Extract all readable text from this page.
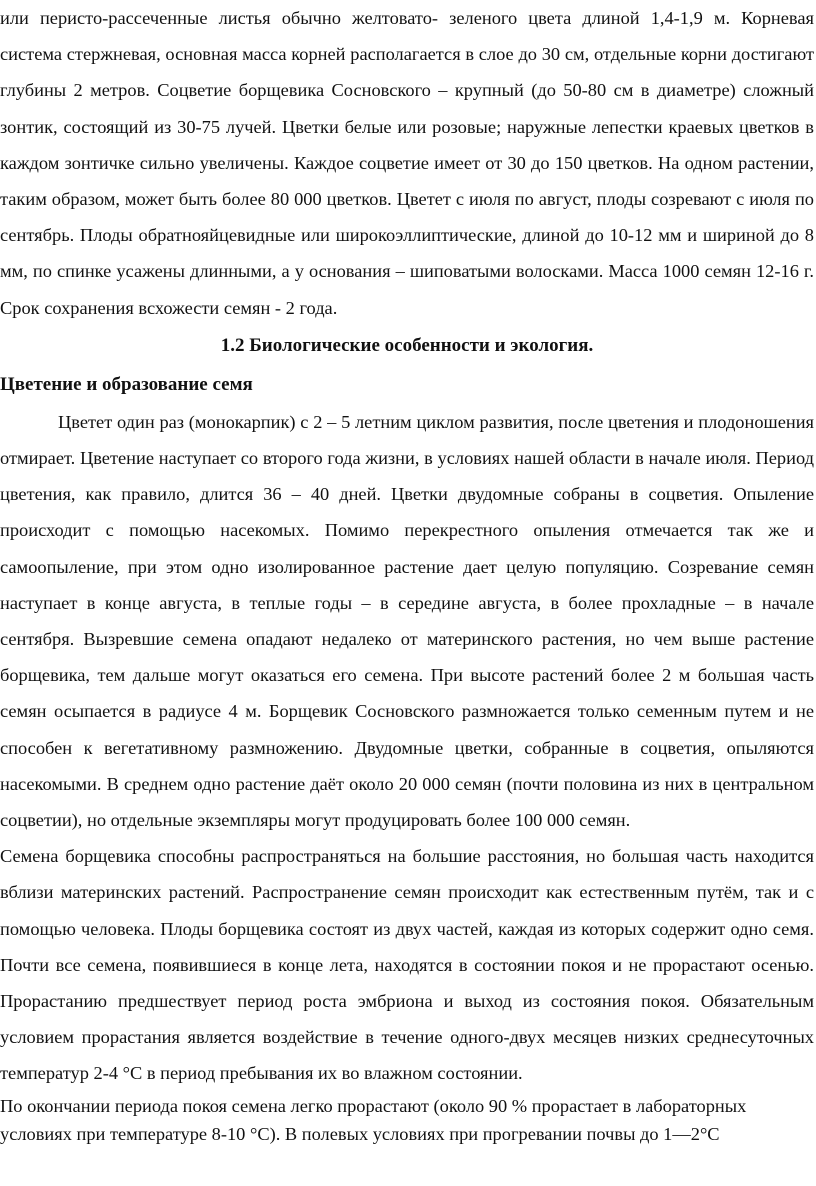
или перисто-рассечeнные листья обычно желтовато- зелeного цвета длиной 1,4-1,9 м. Корневая система стержневая, основная масса корней располагается в слое до 30 см, отдельные корни достигают глубины 2 метров. Соцветие борщевика Сосновского – крупный (до 50-80 см в диаметре) сложный зонтик, состоящий из 30-75 лучей. Цветки белые или розовые; наружные лепестки краевых цветков в каждом зонтичке сильно увеличены. Каждое соцветие имеет от 30 до 150 цветков. На одном растении, таким образом, может быть более 80 000 цветков. Цветeт с июля по август, плоды созревают с июля по сентябрь. Плоды обратнояйцевидные или широкоэллиптические, длиной до 10-12 мм и шириной до 8 мм, по спинке усажены длинными, а у основания – шиповатыми волосками. Масса 1000 семян 12-16 г. Срок сохранения всхожести семян - 2 года.

1.2 Биологические особенности и экология.
Цветение и образование семя

Цветет один раз (монокарпик) с 2 – 5 летним циклом развития, после цветения и плодоношения отмирает. Цветение наступает со второго года жизни, в условиях нашей области в начале июля. Период цветения, как правило, длится 36 – 40 дней. Цветки двудомные собраны в соцветия. Опыление происходит с помощью насекомых. Помимо перекрестного опыления отмечается так же и самоопыление, при этом одно изолированное растение дает целую популяцию. Созревание семян наступает в конце августа, в теплые годы – в середине августа, в более прохладные – в начале сентября. Вызревшие семена опадают недалеко от материнского растения, но чем выше растение борщевика, тем дальше могут оказаться его семена. При высоте растений более 2 м большая часть семян осыпается в радиусе 4 м. Борщевик Сосновского размножается только семенным путем и не способен к вегетативному размножению. Двудомные цветки, собранные в соцветия, опыляются насекомыми. В среднем одно растение даёт около 20 000 семян (почти половина из них в центральном соцветии), но отдельные экземпляры могут продуцировать более 100 000 семян.

Семена борщевика способны распространяться на большие расстояния, но большая часть находится вблизи материнских растений. Распространение семян происходит как естественным путём, так и с помощью человека. Плоды борщевика состоят из двух частей, каждая из которых содержит одно семя. Почти все семена, появившиеся в конце лета, находятся в состоянии покоя и не прорастают осенью. Прорастанию предшествует период роста эмбриона и выход из состояния покоя. Обязательным условием прорастания является воздействие в течение одного-двух месяцев низких среднесуточных температур 2-4 °С в период пребывания их во влажном состоянии.

По окончании периода покоя семена легко прорастают (около 90 % прорастает в лабораторных условиях при температуре 8-10 °С). В полевых условиях при прогревании почвы до 1—2°С
